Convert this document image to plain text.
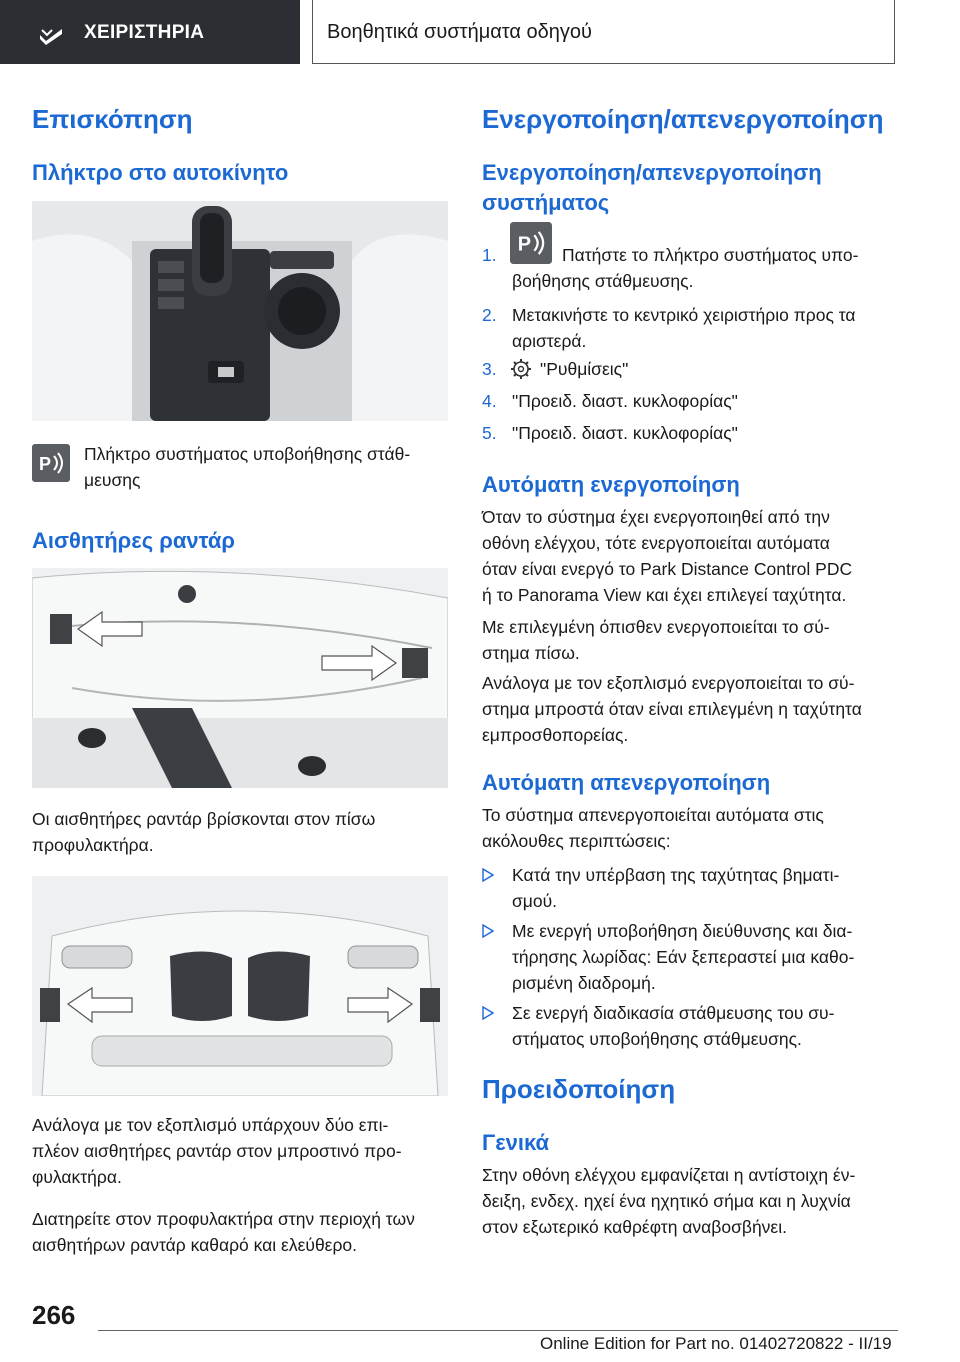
ΧΕΙΡΙΣΤΗΡΙΑ	Βοηθητικά συστήματα οδηγού
Επισκόπηση
Πλήκτρο στο αυτοκίνητο
P Πλήκτρο συστήματος υποβοήθησης στάθ-
μευσης
Αισθητήρες ραντάρ
Οι αισθητήρες ραντάρ βρίσκονται στον πίσω
προφυλακτήρα.
Ανάλογα με τον εξοπλισμό υπάρχουν δύο επι-
πλέον αισθητήρες ραντάρ στον μπροστινό προ-
φυλακτήρα.
Διατηρείτε στον προφυλακτήρα στην περιοχή των
αισθητήρων ραντάρ καθαρό και ελεύθερο.
Ενεργοποίηση/απενεργοποίηση
Ενεργοποίηση/απενεργοποίηση
συστήματος
1. P Πατήστε το πλήκτρο συστήματος υπο-
βοήθησης στάθμευσης.
2. Μετακινήστε το κεντρικό χειριστήριο προς τα
αριστερά.
3. "Ρυθμίσεις"
4. "Προειδ. διαστ. κυκλοφορίας"
5. "Προειδ. διαστ. κυκλοφορίας"
Αυτόματη ενεργοποίηση
Όταν το σύστημα έχει ενεργοποιηθεί από την
οθόνη ελέγχου, τότε ενεργοποιείται αυτόματα
όταν είναι ενεργό το Park Distance Control PDC
ή το Panorama View και έχει επιλεγεί ταχύτητα.
Με επιλεγμένη όπισθεν ενεργοποιείται το σύ-
στημα πίσω.
Ανάλογα με τον εξοπλισμό ενεργοποιείται το σύ-
στημα μπροστά όταν είναι επιλεγμένη η ταχύτητα
εμπροσθοπορείας.
Αυτόματη απενεργοποίηση
Το σύστημα απενεργοποιείται αυτόματα στις
ακόλουθες περιπτώσεις:
Κατά την υπέρβαση της ταχύτητας βηματι-
σμού.
Με ενεργή υποβοήθηση διεύθυνσης και δια-
τήρησης λωρίδας: Εάν ξεπεραστεί μια καθο-
ρισμένη διαδρομή.
Σε ενεργή διαδικασία στάθμευσης του συ-
στήματος υποβοήθησης στάθμευσης.
Προειδοποίηση
Γενικά
Στην οθόνη ελέγχου εμφανίζεται η αντίστοιχη έν-
δειξη, ενδεχ. ηχεί ένα ηχητικό σήμα και η λυχνία
στον εξωτερικό καθρέφτη αναβοσβήνει.
266
Online Edition for Part no. 01402720822 - II/19
